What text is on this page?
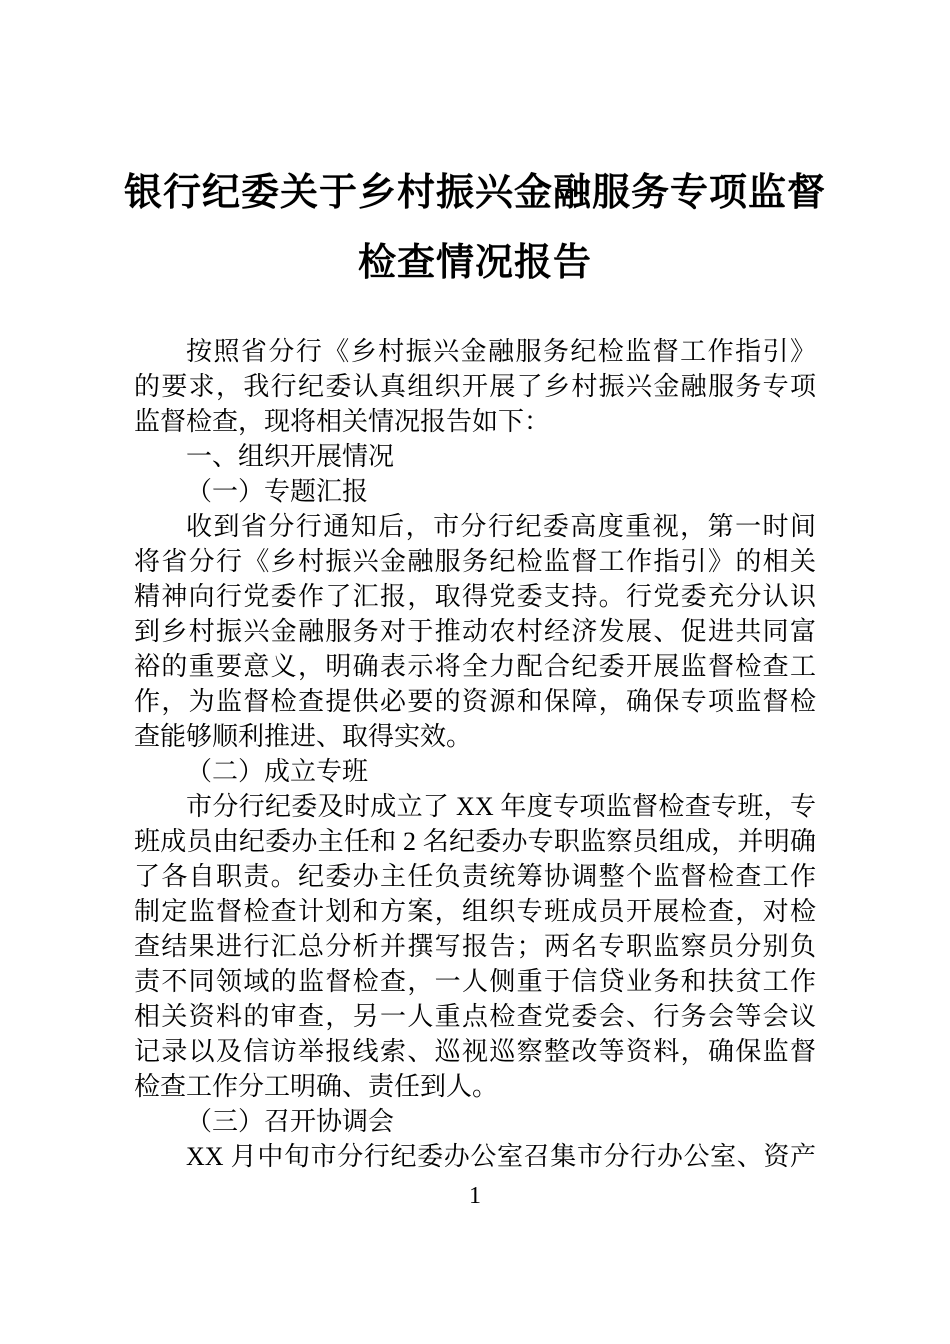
银行纪委关于乡村振兴金融服务专项监督
检查情况报告
按照省分行《乡村振兴金融服务纪检监督工作指引》
的要求，我行纪委认真组织开展了乡村振兴金融服务专项
监督检查，现将相关情况报告如下：
一、组织开展情况
（一）专题汇报
收到省分行通知后，市分行纪委高度重视，第一时间
将省分行《乡村振兴金融服务纪检监督工作指引》的相关
精神向行党委作了汇报，取得党委支持。行党委充分认识
到乡村振兴金融服务对于推动农村经济发展、促进共同富
裕的重要意义，明确表示将全力配合纪委开展监督检查工
作，为监督检查提供必要的资源和保障，确保专项监督检
查能够顺利推进、取得实效。
（二）成立专班
市分行纪委及时成立了 XX 年度专项监督检查专班，专
班成员由纪委办主任和 2 名纪委办专职监察员组成，并明确
了各自职责。纪委办主任负责统筹协调整个监督检查工作
制定监督检查计划和方案，组织专班成员开展检查，对检
查结果进行汇总分析并撰写报告；两名专职监察员分别负
责不同领域的监督检查，一人侧重于信贷业务和扶贫工作
相关资料的审查，另一人重点检查党委会、行务会等会议
记录以及信访举报线索、巡视巡察整改等资料，确保监督
检查工作分工明确、责任到人。
（三）召开协调会
XX 月中旬市分行纪委办公室召集市分行办公室、资产
1
